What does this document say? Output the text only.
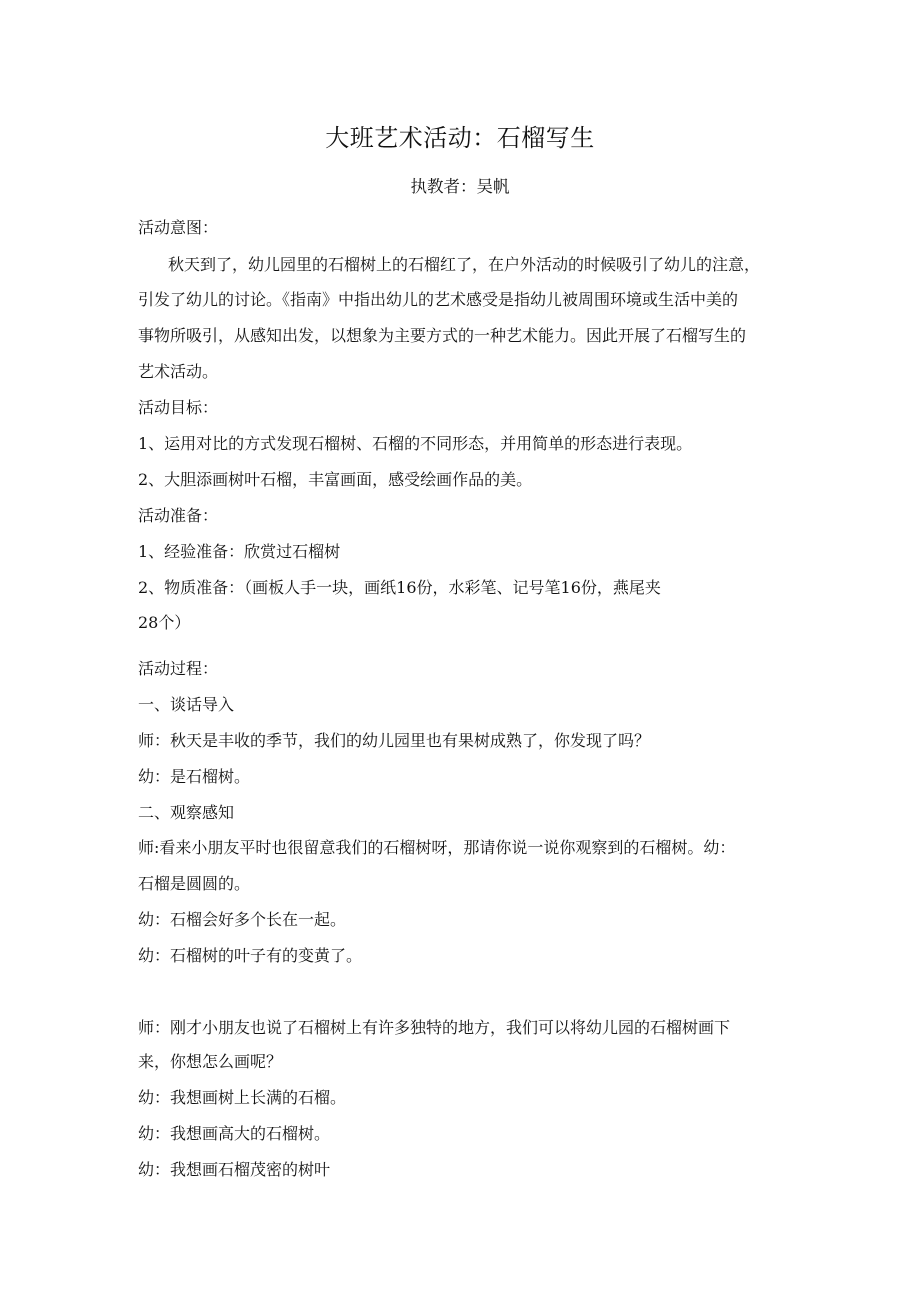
大班艺术活动：石榴写生
执教者：吴帆
活动意图：
秋天到了，幼儿园里的石榴树上的石榴红了，在户外活动的时候吸引了幼儿的注意，
引发了幼儿的讨论。《指南》中指出幼儿的艺术感受是指幼儿被周围环境或生活中美的
事物所吸引，从感知出发，以想象为主要方式的一种艺术能力。因此开展了石榴写生的
艺术活动。
活动目标：
1、运用对比的方式发现石榴树、石榴的不同形态，并用简单的形态进行表现。
2、大胆添画树叶石榴，丰富画面，感受绘画作品的美。
活动准备：
1、经验准备：欣赏过石榴树
2、物质准备：（画板人手一块，画纸16份，水彩笔、记号笔16份，燕尾夹
28个）
活动过程：
一、谈话导入
师：秋天是丰收的季节，我们的幼儿园里也有果树成熟了，你发现了吗？
幼：是石榴树。
二、观察感知
师:看来小朋友平时也很留意我们的石榴树呀，那请你说一说你观察到的石榴树。幼：
石榴是圆圆的。
幼：石榴会好多个长在一起。
幼：石榴树的叶子有的变黄了。
师：刚才小朋友也说了石榴树上有许多独特的地方，我们可以将幼儿园的石榴树画下
来，你想怎么画呢？
幼：我想画树上长满的石榴。
幼：我想画高大的石榴树。
幼：我想画石榴茂密的树叶
